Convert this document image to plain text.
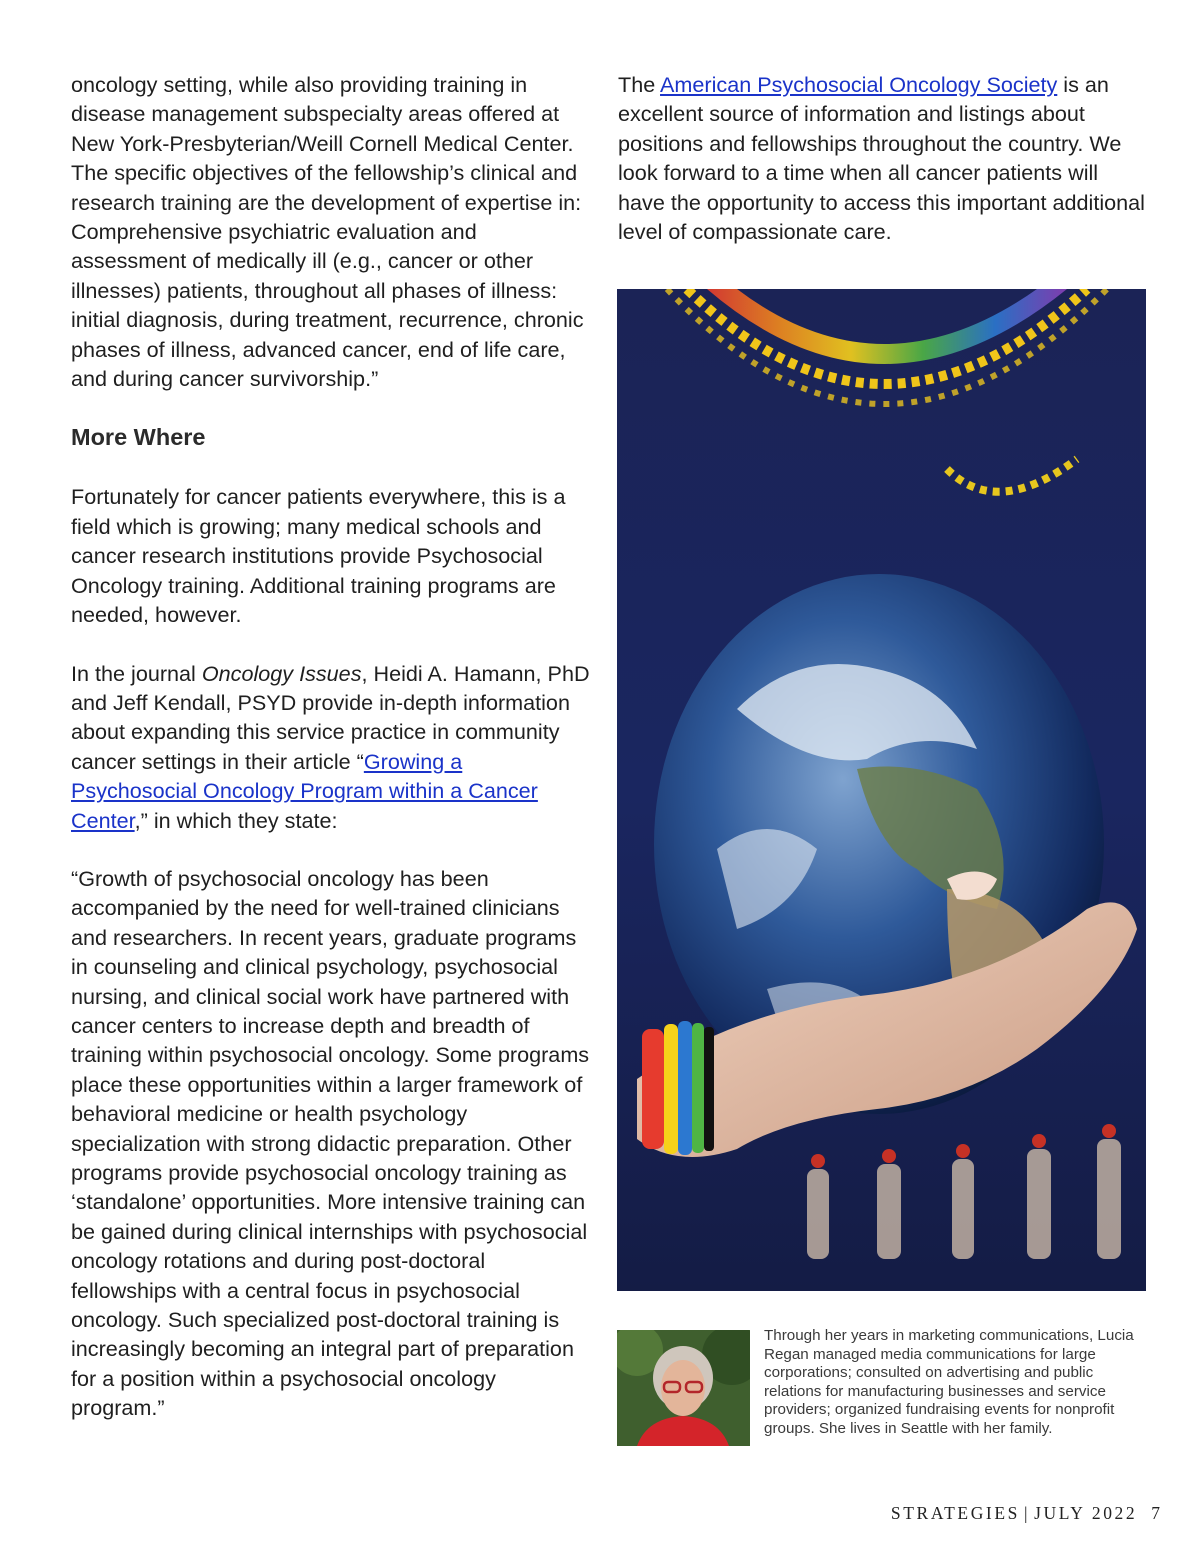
oncology setting, while also providing training in disease management subspecialty areas offered at New York-Presbyterian/Weill Cornell Medical Center. The specific objectives of the fellowship’s clinical and research training are the development of expertise in: Comprehensive psychiatric evaluation and assessment of medically ill (e.g., cancer or other illnesses) patients, throughout all phases of illness: initial diagnosis, during treatment, recurrence, chronic phases of illness, advanced cancer, end of life care, and during cancer survivorship.”

More Where

Fortunately for cancer patients everywhere, this is a field which is growing; many medical schools and cancer research institutions provide Psychosocial Oncology training. Additional training programs are needed, however.

In the journal Oncology Issues, Heidi A. Hamann, PhD and Jeff Kendall, PSYD provide in-depth information about expanding this service practice in community cancer settings in their article “Growing a Psychosocial Oncology Program within a Cancer Center,” in which they state:

“Growth of psychosocial oncology has been accompanied by the need for well-trained clinicians and researchers. In recent years, graduate programs in counseling and clinical psychology, psychosocial nursing, and clinical social work have partnered with cancer centers to increase depth and breadth of training within psychosocial oncology. Some programs place these opportunities within a larger framework of behavioral medicine or health psychology specialization with strong didactic preparation. Other programs provide psychosocial oncology training as ‘standalone’ opportunities. More intensive training can be gained during clinical internships with psychosocial oncology rotations and during post-doctoral fellowships with a central focus in psychosocial oncology. Such specialized post-doctoral training is increasingly becoming an integral part of preparation for a position within a psychosocial oncology program.”

The American Psychosocial Oncology Society is an excellent source of information and listings about positions and fellowships throughout the country. We look forward to a time when all cancer patients will have the opportunity to access this important additional level of compassionate care.

Through her years in marketing communications, Lucia Regan managed media communications for large corporations; consulted on advertising and public relations for manufacturing businesses and service providers; organized fundraising events for nonprofit groups. She lives in Seattle with her family.

STRATEGIES | JULY 2022 7
